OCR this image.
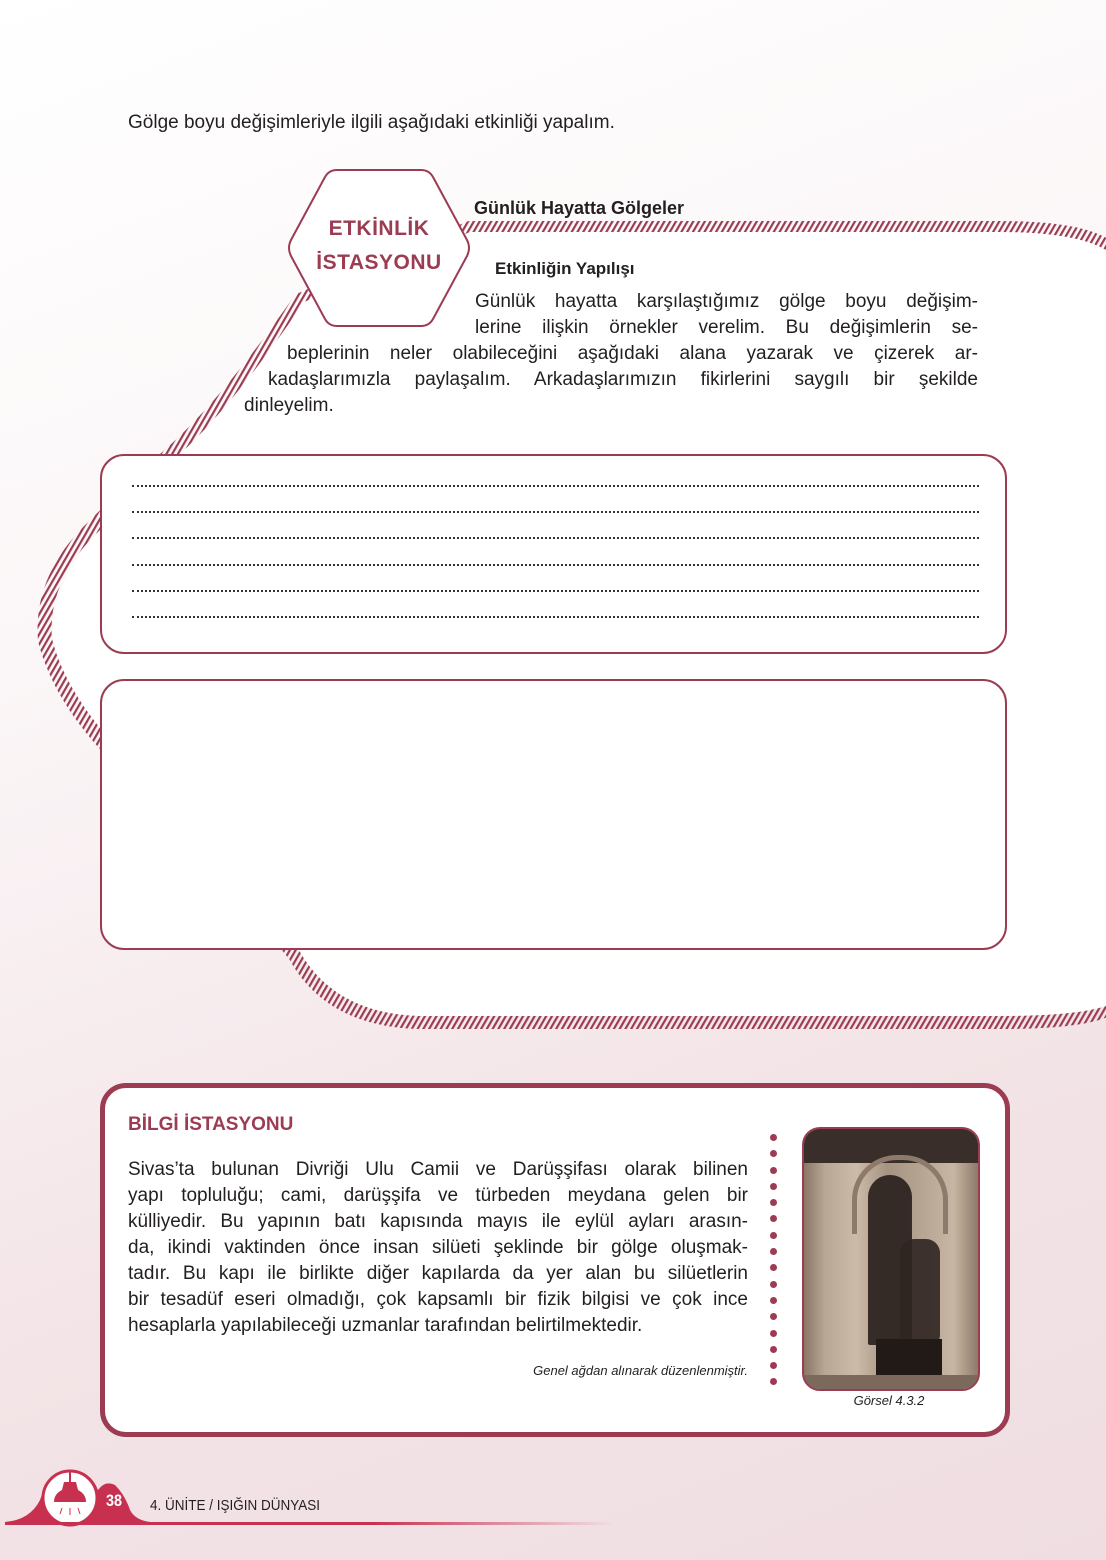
Gölge boyu değişimleriyle ilgili aşağıdaki etkinliği yapalım.
ETKİNLİK
İSTASYONU
Günlük Hayatta Gölgeler
Etkinliğin Yapılışı
Günlük hayatta karşılaştığımız gölge boyu değişim-
lerine ilişkin örnekler verelim. Bu değişimlerin se-
beplerinin neler olabileceğini aşağıdaki alana yazarak ve çizerek ar-
kadaşlarımızla paylaşalım. Arkadaşlarımızın fikirlerini saygılı bir şekilde
dinleyelim.
BİLGİ İSTASYONU
Sivas’ta bulunan Divriği Ulu Camii ve Darüşşifası olarak bilinen
yapı topluluğu; cami, darüşşifa ve türbeden meydana gelen bir
külliyedir. Bu yapının batı kapısında mayıs ile eylül ayları arasın-
da, ikindi vaktinden önce insan silüeti şeklinde bir gölge oluşmak-
tadır. Bu kapı ile birlikte diğer kapılarda da yer alan bu silüetlerin
bir tesadüf eseri olmadığı, çok kapsamlı bir fizik bilgisi ve çok ince
hesaplarla yapılabileceği uzmanlar tarafından belirtilmektedir.
Genel ağdan alınarak düzenlenmiştir.
Görsel 4.3.2
38 4. ÜNİTE / IŞIĞIN DÜNYASI
